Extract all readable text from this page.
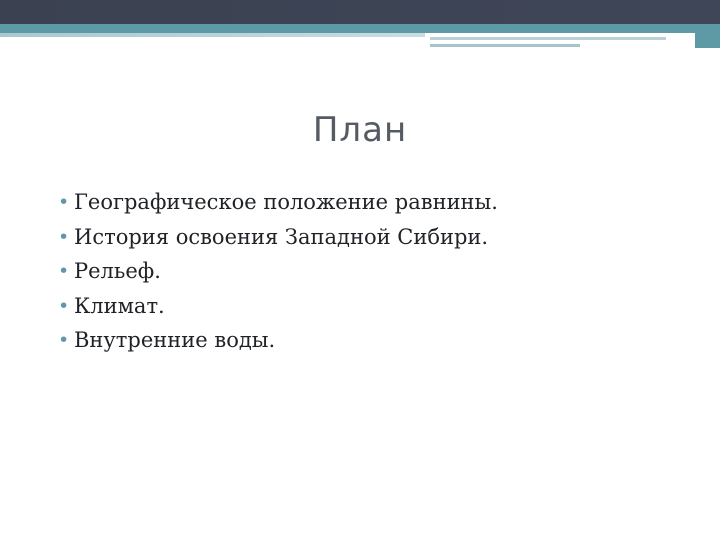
План
• Географическое положение равнины.
• История освоения Западной Сибири.
• Рельеф.
• Климат.
• Внутренние воды.
